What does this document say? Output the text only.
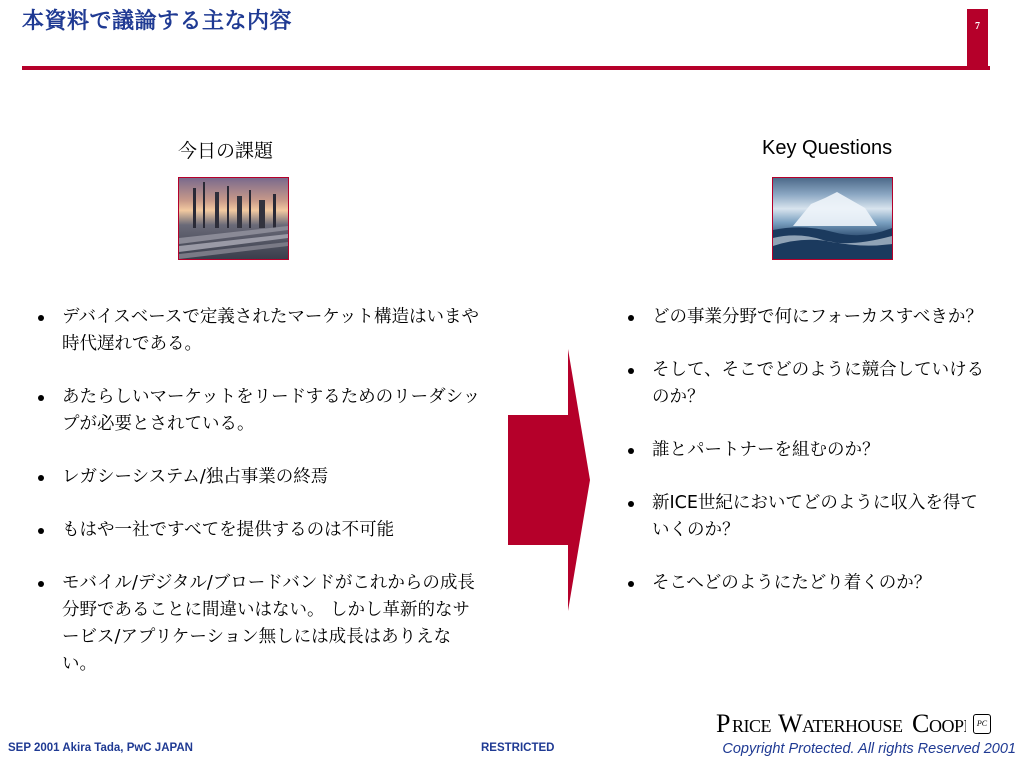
本資料で議論する主な内容	7
今日の課題	Key Questions
デバイスベースで定義されたマーケット構造はいまや時代遅れである。
あたらしいマーケットをリードするためのリーダシップが必要とされている。
レガシーシステム/独占事業の終焉
もはや一社ですべてを提供するのは不可能
モバイル/デジタル/ブロードバンドがこれからの成長分野であることに間違いはない。 しかし革新的なサービス/アプリケーション無しには成長はありえない。
どの事業分野で何にフォーカスすべきか？
そして、そこでどのように競合していけるのか？
誰とパートナーを組むのか？
新ICE世紀においてどのように収入を得ていくのか？
そこへどのようにたどり着くのか？
SEP 2001 Akira Tada, PwC JAPAN	RESTRICTED
P RICE W ATERHOUSE C OOP	PC
Copyright Protected. All rights Reserved 2001
